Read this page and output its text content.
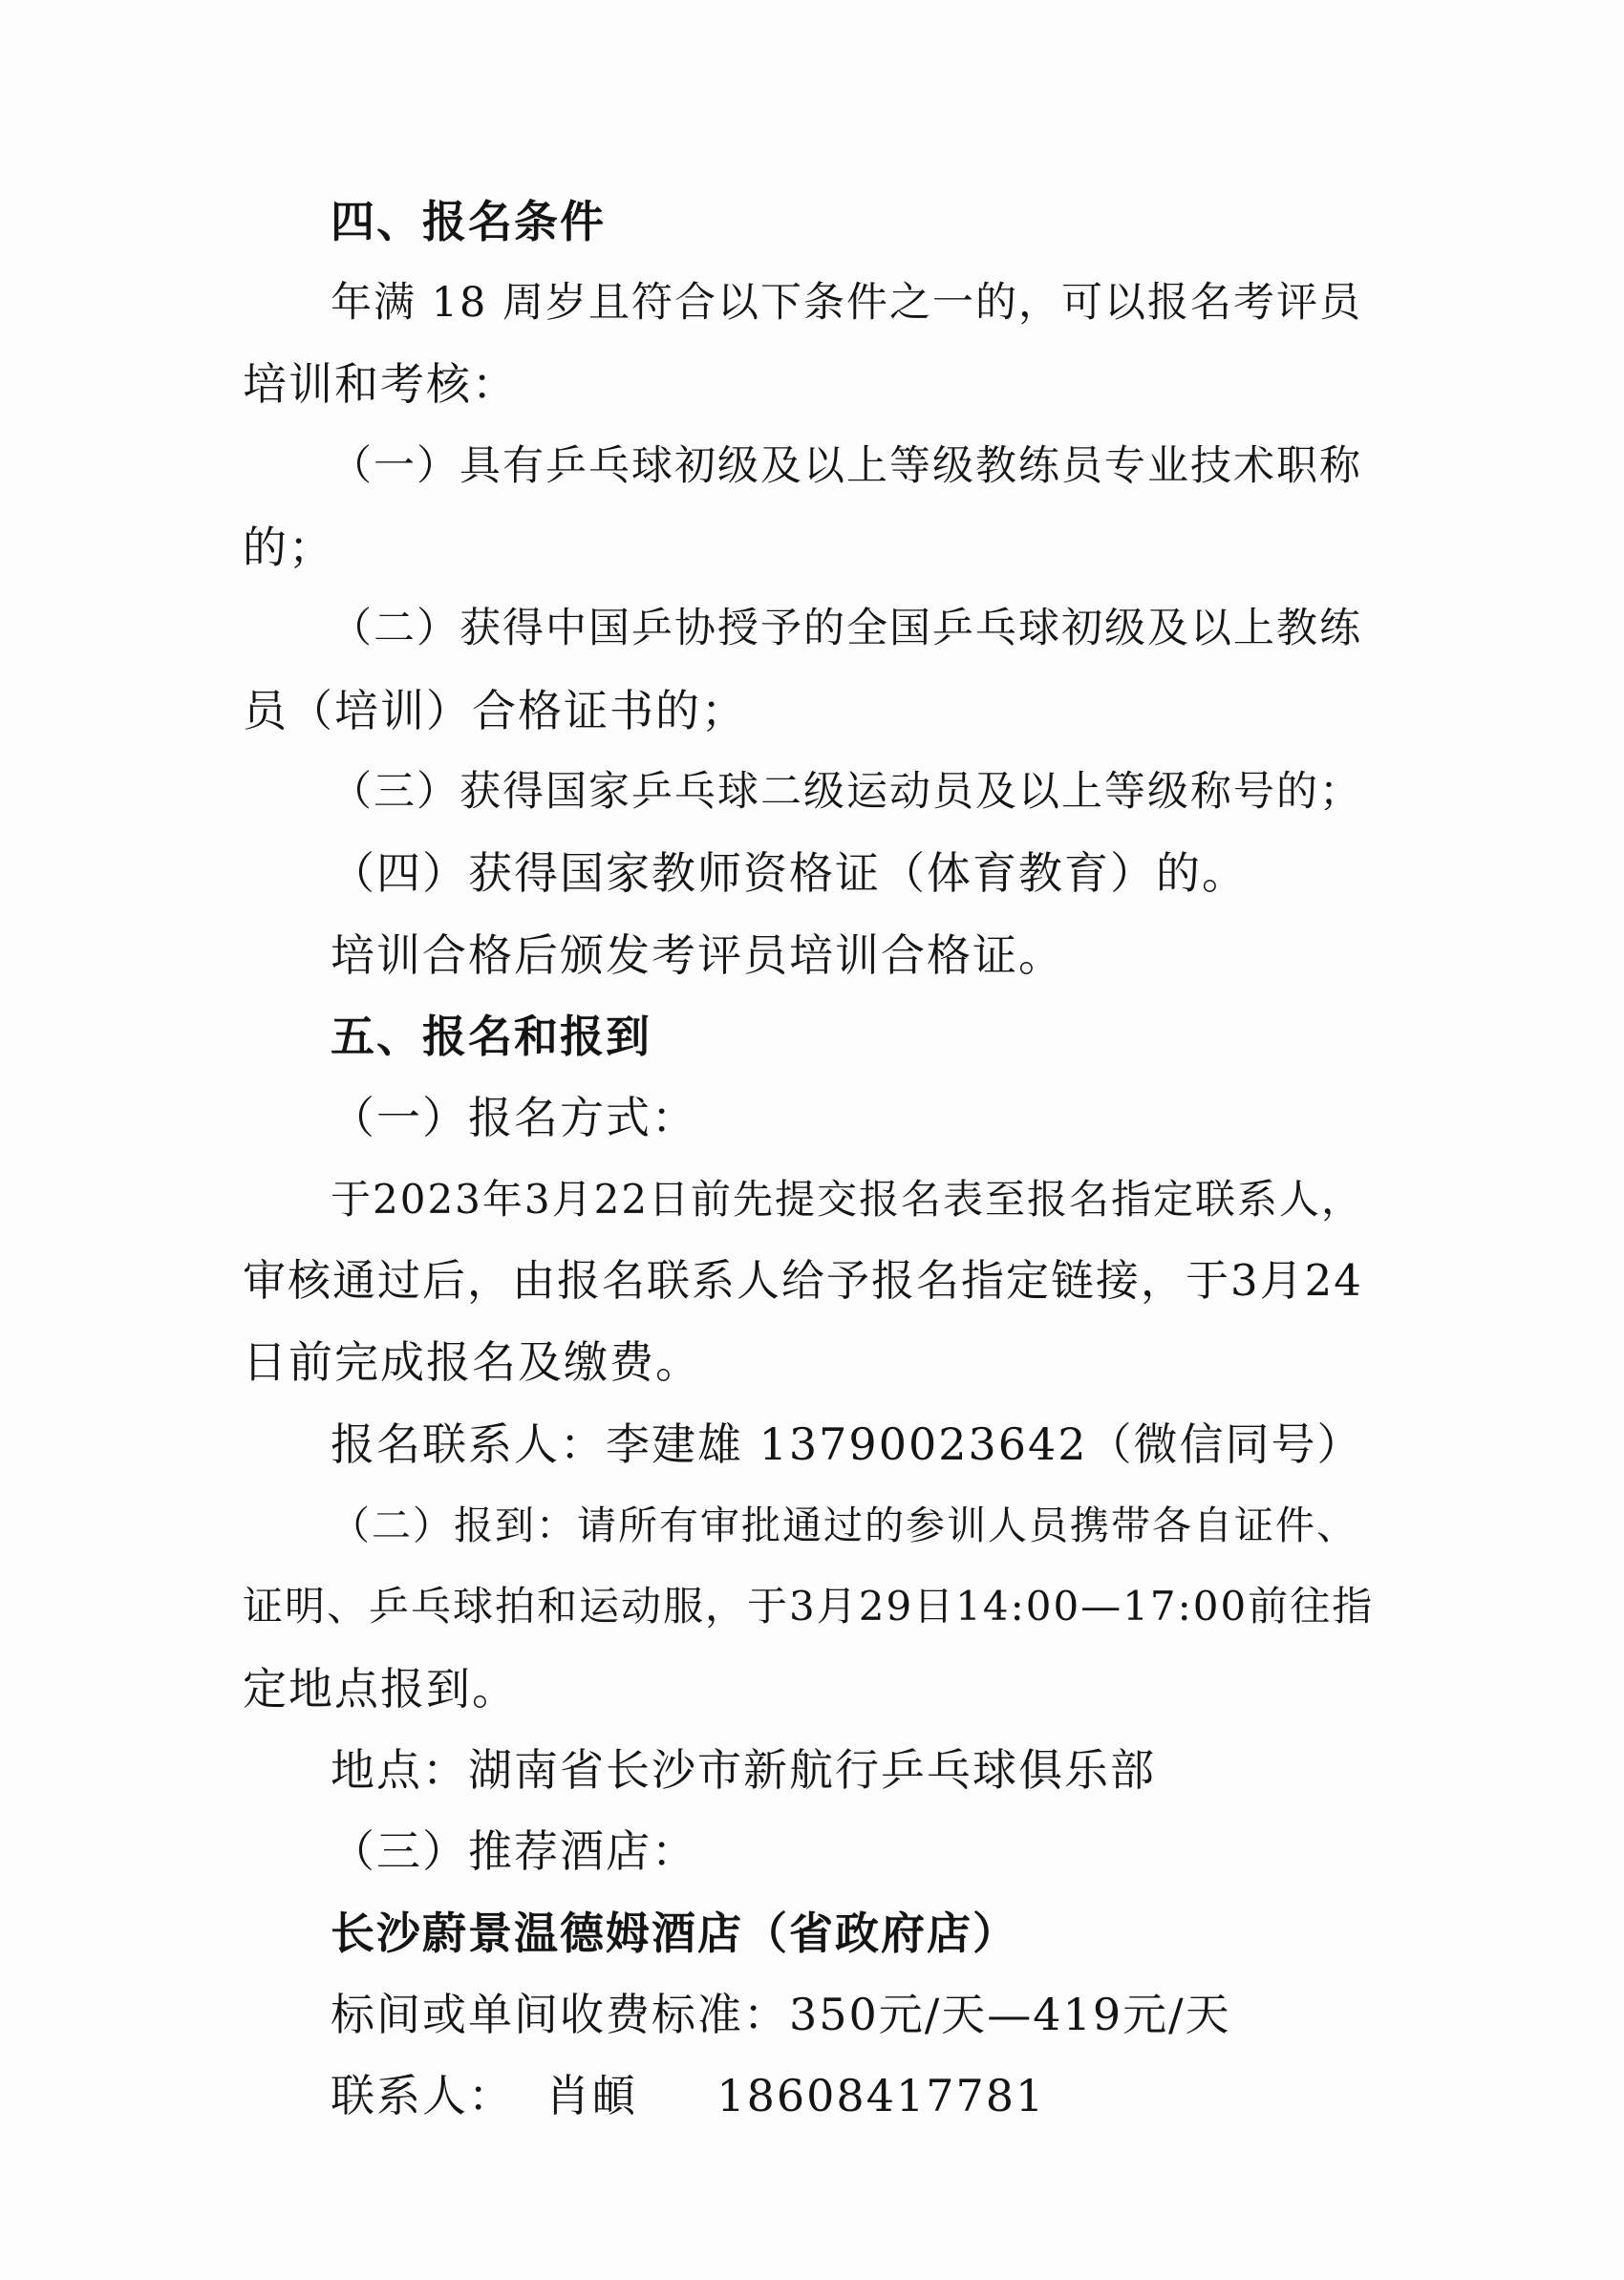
四、报名条件
年满 18 周岁且符合以下条件之一的，可以报名考评员
培训和考核：
（一）具有乒乓球初级及以上等级教练员专业技术职称
的；
（二）获得中国乒协授予的全国乒乓球初级及以上教练
员（培训）合格证书的；
（三）获得国家乒乓球二级运动员及以上等级称号的；
（四）获得国家教师资格证（体育教育）的。
培训合格后颁发考评员培训合格证。
五、报名和报到
（一）报名方式：
于2023年3月22日前先提交报名表至报名指定联系人，
审核通过后，由报名联系人给予报名指定链接，于3月24
日前完成报名及缴费。
报名联系人：李建雄 13790023642（微信同号）
（二）报到：请所有审批通过的参训人员携带各自证件、
证明、乒乓球拍和运动服，于3月29日14:00—17:00前往指
定地点报到。
地点：湖南省长沙市新航行乒乓球俱乐部
（三）推荐酒店：
长沙蔚景温德姆酒店（省政府店）
标间或单间收费标准：350元/天—419元/天
联系人：  肖頔     18608417781
